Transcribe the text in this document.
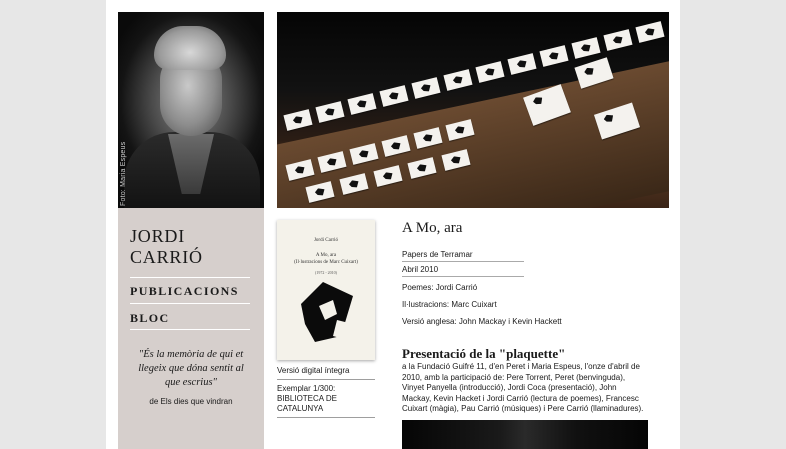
Foto: Maria Espeus
JORDI CARRIÓ
PUBLICACIONS
BLOC
"És la memòria de qui et llegeix que dóna sentit al que escrius"
de Els dies que vindran
Jordi Carrió
A Mo, ara
(Il·lustracions de Marc Cuixart)
(1972 - 2010)
Versió digital íntegra
Exemplar 1/300:
BIBLIOTECA DE
CATALUNYA
A Mo, ara
Papers de Terramar
Abril 2010
Poemes: Jordi Carrió
Il·lustracions: Marc Cuixart
Versió anglesa: John Mackay i Kevin Hackett
Presentació de la "plaquette"
a la Fundació Guifré 11, d'en Peret i Maria Espeus, l'onze d'abril de 2010, amb la participació de: Pere Torrent, Peret (benvinguda), Vinyet Panyella (introducció), Jordi Coca (presentació), John Mackay, Kevin Hacket i Jordi Carrió (lectura de poemes), Francesc Cuixart (màgia), Pau Carrió (músiques) i Pere Carrió (llaminadures).
